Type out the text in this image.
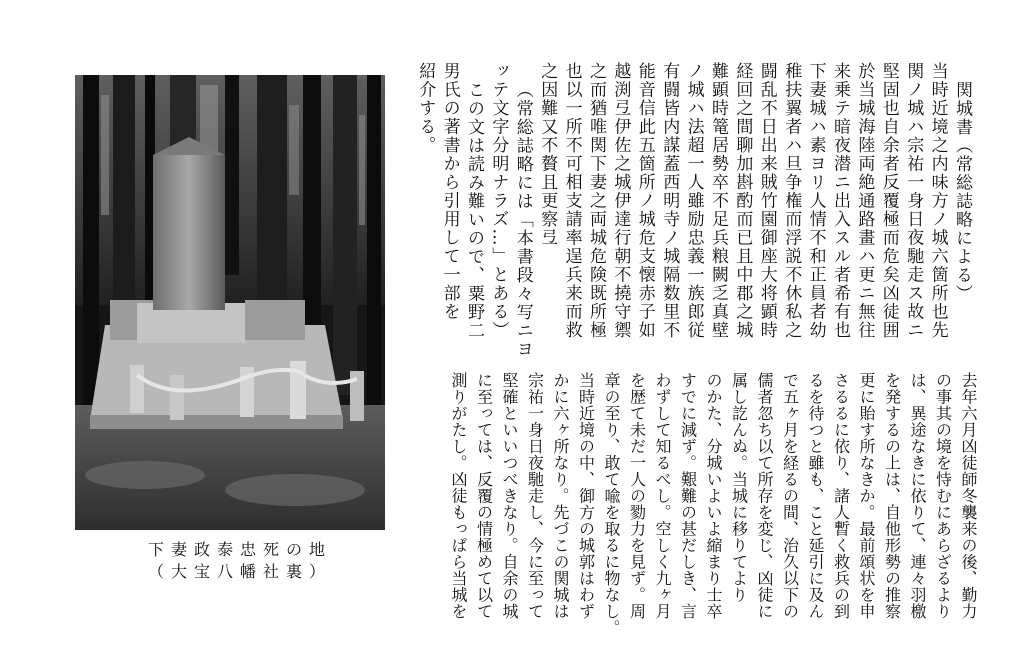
下妻政泰忠死の地
（大宝八幡社裏）
関城書（常総誌略による）
当時近境之内味方ノ城六箇所也先
関ノ城ハ宗祐一身日夜馳走ス故ニ
堅固也自余者反覆極而危矣凶徒囲
於当城海陸両絶通路畫ハ更ニ無往
来乗テ暗夜潜ニ出入スル者希有也
下妻城ハ素ヨリ人情不和正員者幼
稚扶翼者ハ旦争権而浮説不休私之
闘乱不日出来賊竹園御座大将顕時
経回之間聊加斟酌而已且中郡之城
難顕時篭居勢卒不足兵粮闕乏真壁
ノ城ハ法超一人雖励忠義一族郎従
有闘皆内謀蓋西明寺ノ城隔数里不
能音信此五箇所ノ城危支懐赤子如
越渕弖伊佐之城伊達行朝不撓守禦
之而猶唯関下妻之両城危険既所極
也以一所不可相支請率逞兵来而救
之因難又不贅且更察弖
（常総誌略には「本書段々写ニヨ
ッテ文字分明ナラズ…」とある）
この文は読み難いので、粟野二
男氏の著書から引用して一部を
紹介する。
去年六月凶徒師冬襲来の後、勤力
の事其の境を恃むにあらざるより
は、異途なきに依りて、連々羽檄
を発するの上は、自他形勢の推察
更に貽す所なきか。最前頌状を申
さるるに依り、諸人暫く救兵の到
るを待つと雖も、こと延引に及ん
で五ヶ月を経るの間、治久以下の
儒者忽ち以て所存を変じ、凶徒に
属し訖んぬ。当城に移りてより
のかた、分城いよいよ縮まり士卒
すでに減ず。艱難の甚だしき、言
わずして知るべし。空しく九ヶ月
を歴て未だ一人の勠力を見ず。周
章の至り、敢て喩を取るに物なし。
当時近境の中、御方の城郭はわず
かに六ヶ所なり。先づこの関城は
宗祐一身日夜馳走し、今に至って
堅確といいつべきなり。自余の城
に至っては、反覆の情極めて以て
測りがたし。凶徒もっぱら当城を
